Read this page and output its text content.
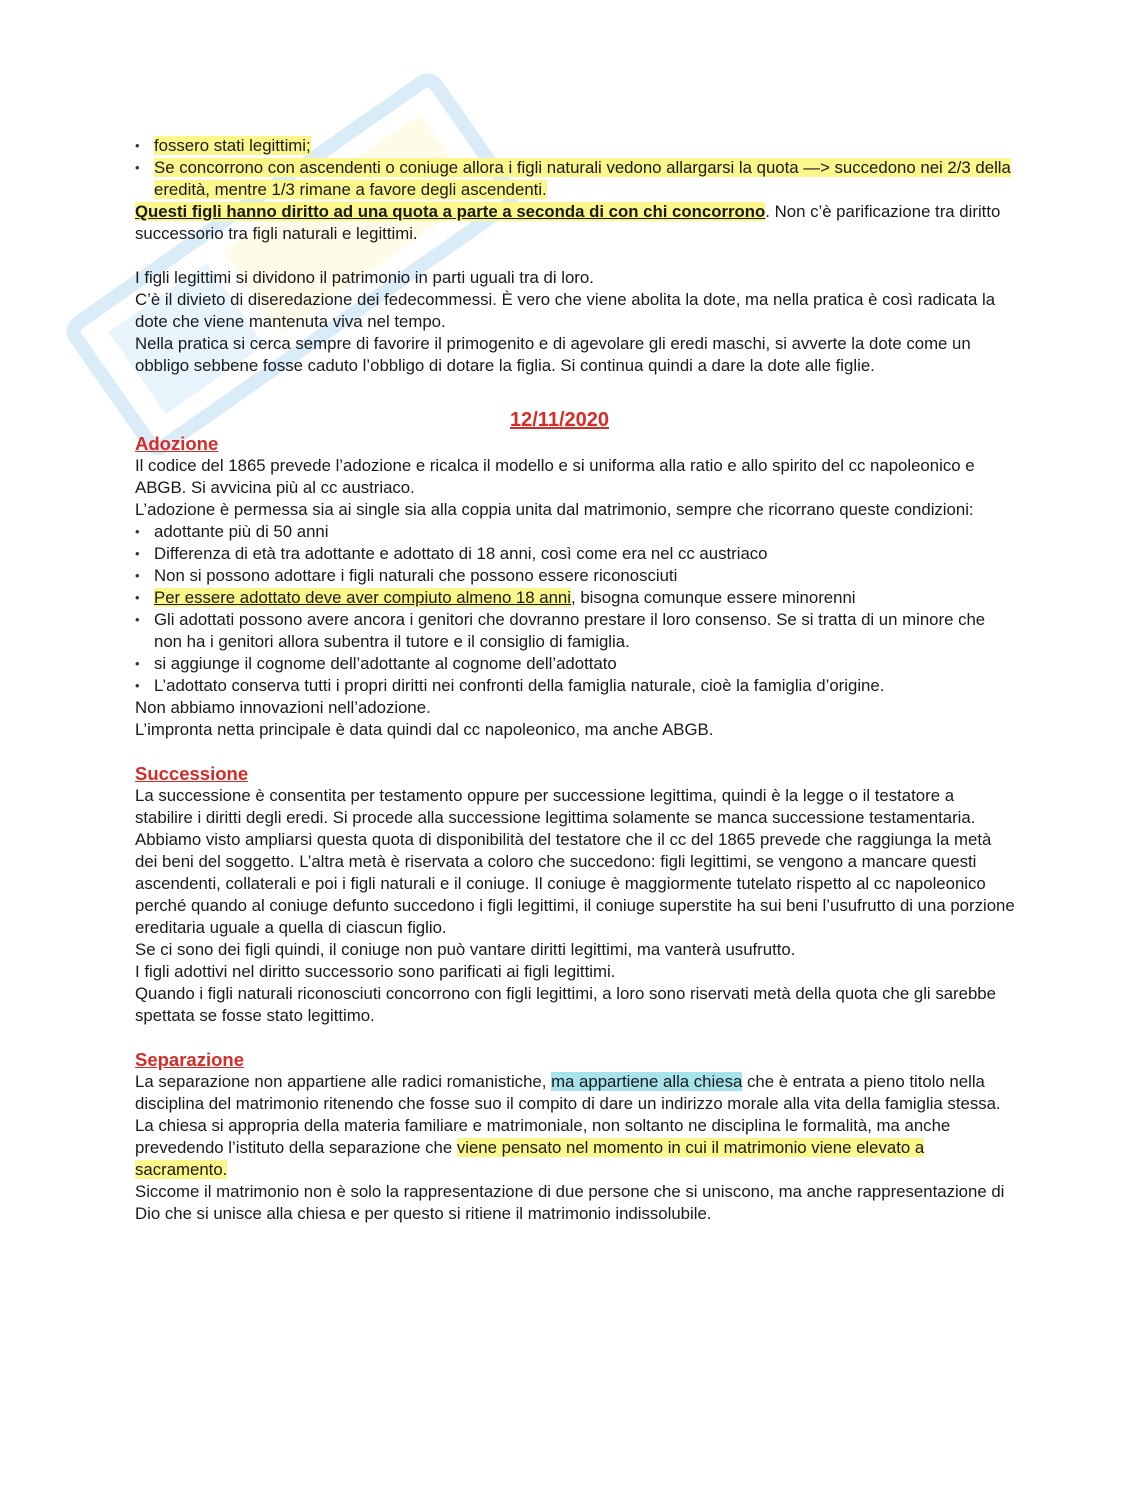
• fossero stati legittimi;
• Se concorrono con ascendenti o coniuge allora i figli naturali vedono allargarsi la quota —> succedono nei 2/3 della eredità, mentre 1/3 rimane a favore degli ascendenti.

Questi figli hanno diritto ad una quota a parte a seconda di con chi concorrono. Non c’è parificazione tra diritto successorio tra figli naturali e legittimi.

I figli legittimi si dividono il patrimonio in parti uguali tra di loro.

C’è il divieto di diseredazione dei fedecommessi. È vero che viene abolita la dote, ma nella pratica è così radicata la dote che viene mantenuta viva nel tempo.

Nella pratica si cerca sempre di favorire il primogenito e di agevolare gli eredi maschi, si avverte la dote come un obbligo sebbene fosse caduto l’obbligo di dotare la figlia. Si continua quindi a dare la dote alle figlie.

12/11/2020
Adozione

Il codice del 1865 prevede l’adozione e ricalca il modello e si uniforma alla ratio e allo spirito del cc napoleonico e ABGB. Si avvicina più al cc austriaco.

L’adozione è permessa sia ai single sia alla coppia unita dal matrimonio, sempre che ricorrano queste condizioni:

• adottante più di 50 anni
• Differenza di età tra adottante e adottato di 18 anni, così come era nel cc austriaco
• Non si possono adottare i figli naturali che possono essere riconosciuti
• Per essere adottato deve aver compiuto almeno 18 anni, bisogna comunque essere minorenni
• Gli adottati possono avere ancora i genitori che dovranno prestare il loro consenso. Se si tratta di un minore che non ha i genitori allora subentra il tutore e il consiglio di famiglia.
• si aggiunge il cognome dell’adottante al cognome dell’adottato
• L’adottato conserva tutti i propri diritti nei confronti della famiglia naturale, cioè la famiglia d’origine.

Non abbiamo innovazioni nell’adozione.

L’impronta netta principale è data quindi dal cc napoleonico, ma anche ABGB.

Successione

La successione è consentita per testamento oppure per successione legittima, quindi è la legge o il testatore a stabilire i diritti degli eredi. Si procede alla successione legittima solamente se manca successione testamentaria.

Abbiamo visto ampliarsi questa quota di disponibilità del testatore che il cc del 1865 prevede che raggiunga la metà dei beni del soggetto. L’altra metà è riservata a coloro che succedono: figli legittimi, se vengono a mancare questi ascendenti, collaterali e poi i figli naturali e il coniuge. Il coniuge è maggiormente tutelato rispetto al cc napoleonico perché quando al coniuge defunto succedono i figli legittimi, il coniuge superstite ha sui beni l’usufrutto di una porzione ereditaria uguale a quella di ciascun figlio.

Se ci sono dei figli quindi, il coniuge non può vantare diritti legittimi, ma vanterà usufrutto.

I figli adottivi nel diritto successorio sono parificati ai figli legittimi.

Quando i figli naturali riconosciuti concorrono con figli legittimi, a loro sono riservati metà della quota che gli sarebbe spettata se fosse stato legittimo.

Separazione

La separazione non appartiene alle radici romanistiche, ma appartiene alla chiesa che è entrata a pieno titolo nella disciplina del matrimonio ritenendo che fosse suo il compito di dare un indirizzo morale alla vita della famiglia stessa. La chiesa si appropria della materia familiare e matrimoniale, non soltanto ne disciplina le formalità, ma anche prevedendo l’istituto della separazione che viene pensato nel momento in cui il matrimonio viene elevato a sacramento.

Siccome il matrimonio non è solo la rappresentazione di due persone che si uniscono, ma anche rappresentazione di Dio che si unisce alla chiesa e per questo si ritiene il matrimonio indissolubile.
